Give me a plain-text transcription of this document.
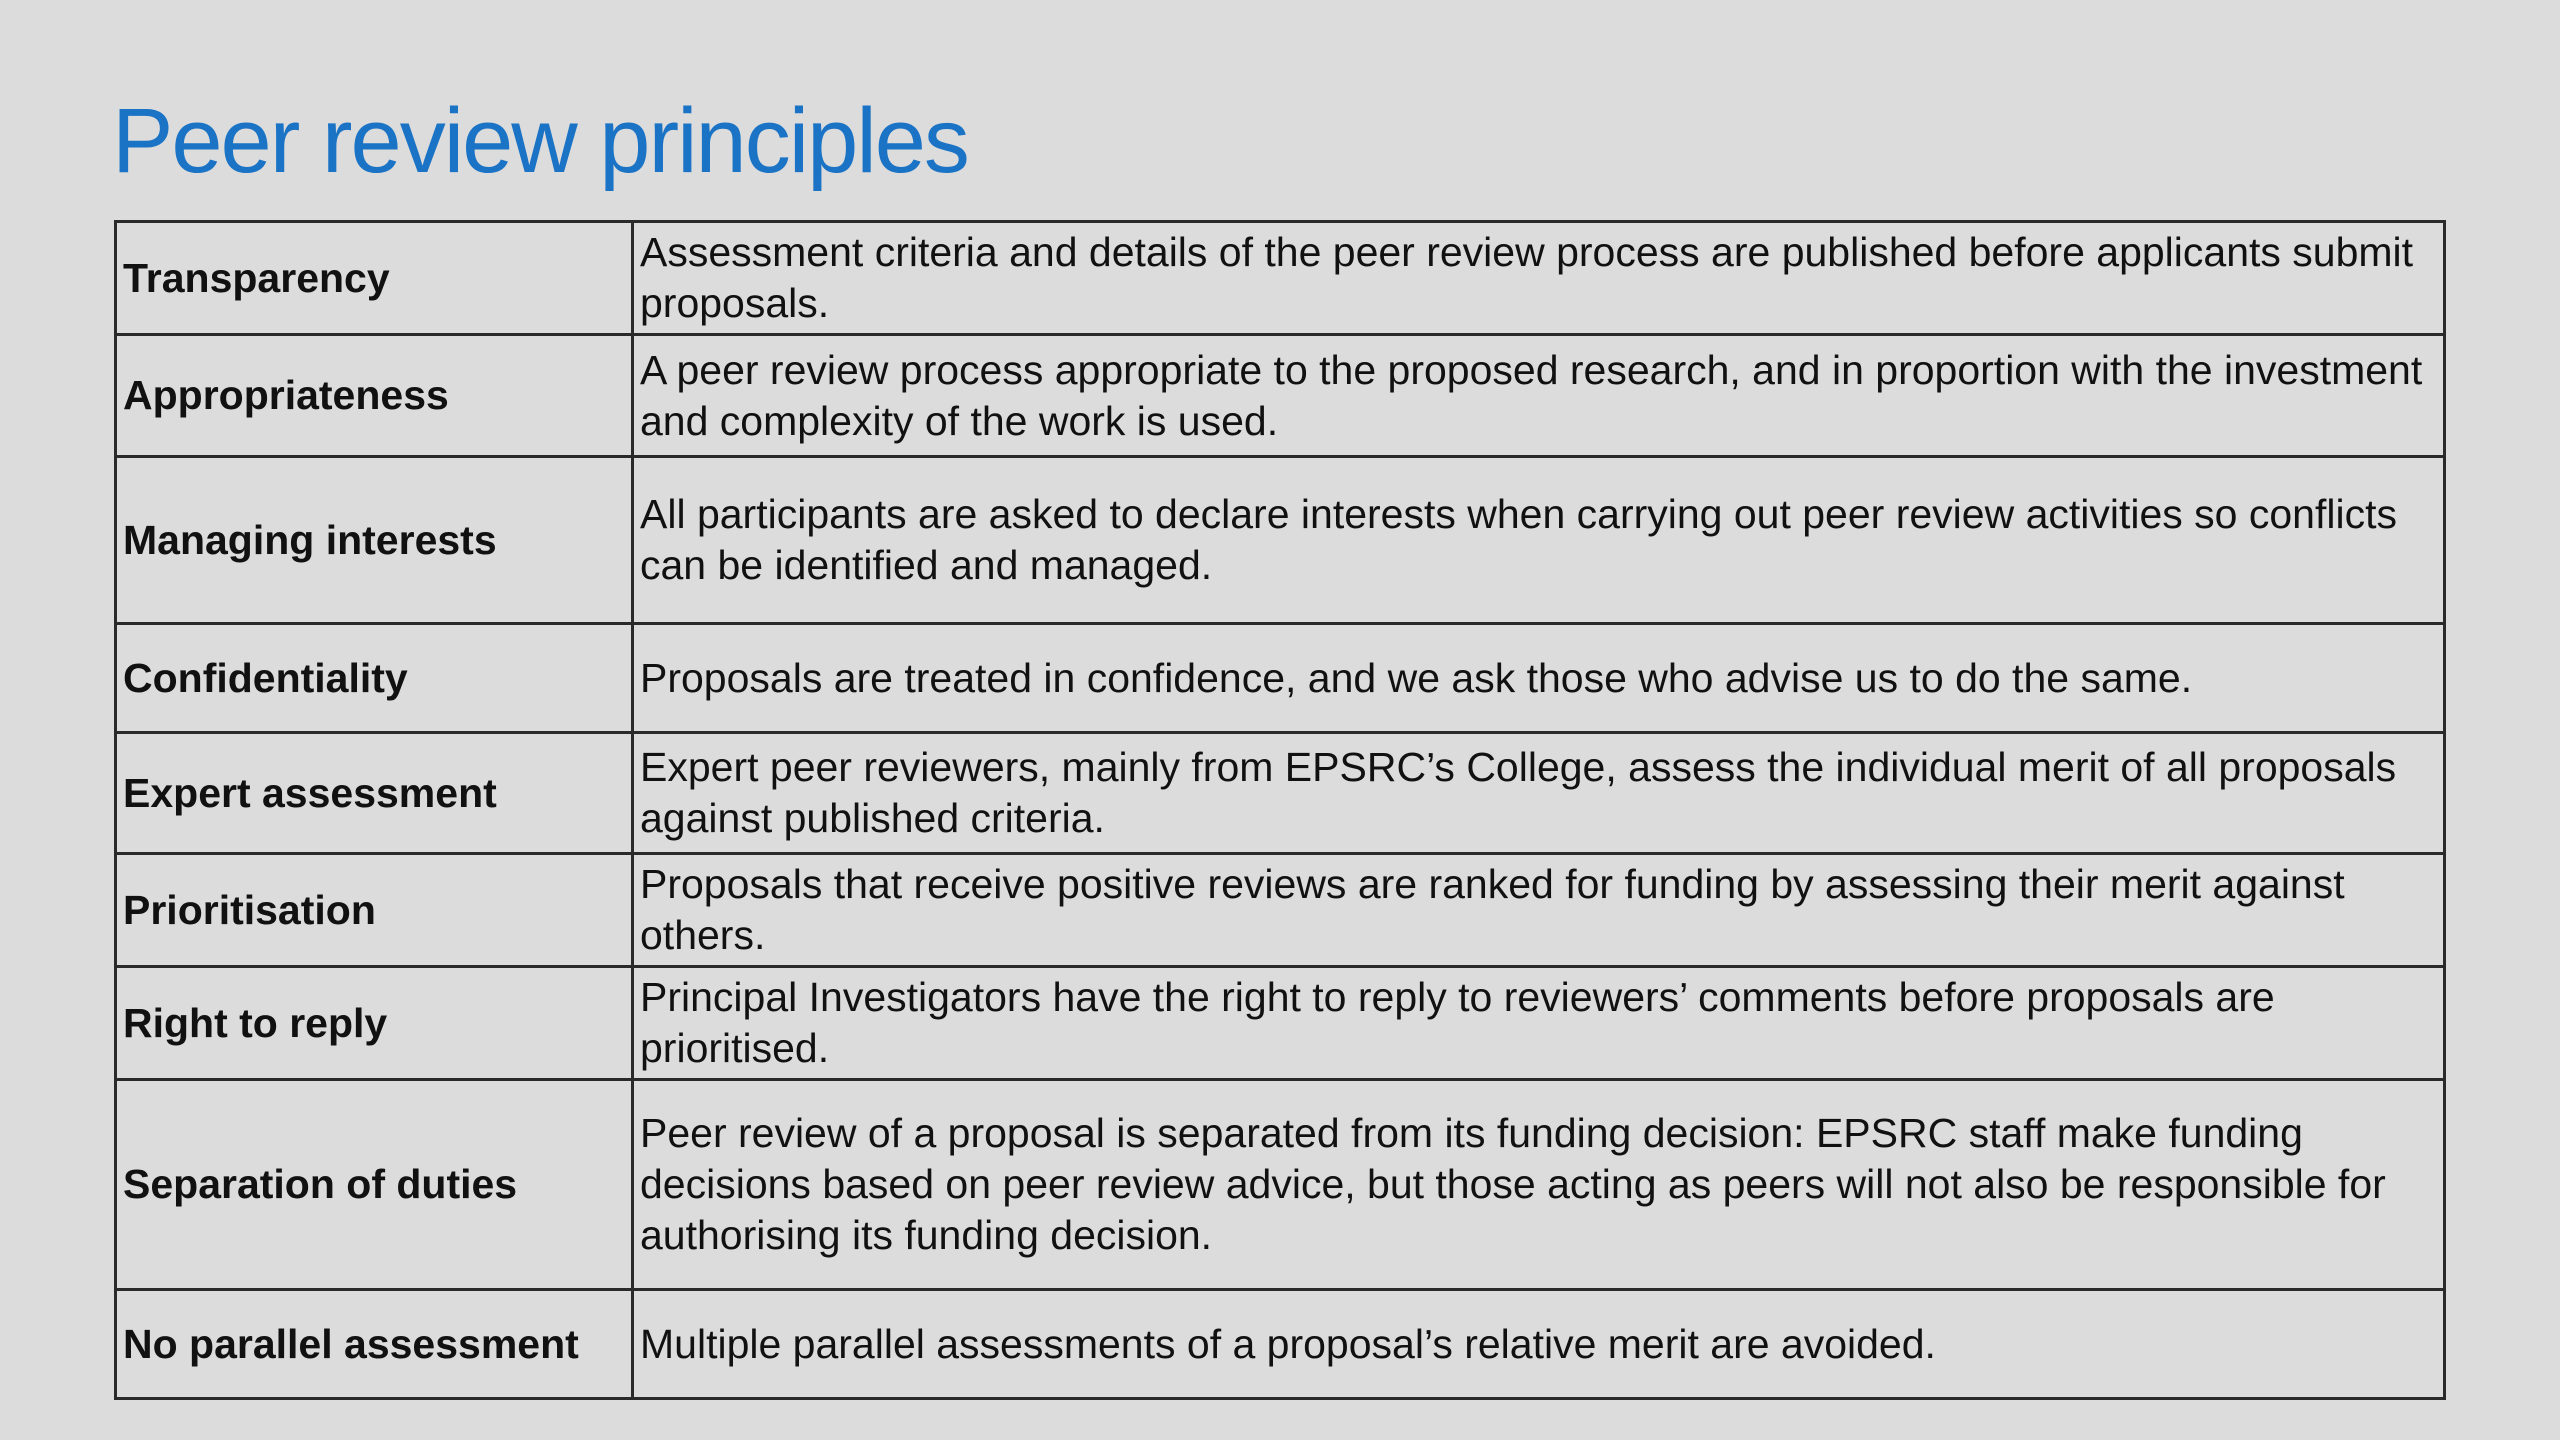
Peer review principles
Transparency	Assessment criteria and details of the peer review process are published before applicants submit proposals.
Appropriateness	A peer review process appropriate to the proposed research, and in proportion with the investment and complexity of the work is used.
Managing interests	All participants are asked to declare interests when carrying out peer review activities so conflicts can be identified and managed.
Confidentiality	Proposals are treated in confidence, and we ask those who advise us to do the same.
Expert assessment	Expert peer reviewers, mainly from EPSRC’s College, assess the individual merit of all proposals against published criteria.
Prioritisation	Proposals that receive positive reviews are ranked for funding by assessing their merit against others.
Right to reply	Principal Investigators have the right to reply to reviewers’ comments before proposals are prioritised.
Separation of duties	Peer review of a proposal is separated from its funding decision: EPSRC staff make funding decisions based on peer review advice, but those acting as peers will not also be responsible for authorising its funding decision.
No parallel assessment	Multiple parallel assessments of a proposal’s relative merit are avoided.
